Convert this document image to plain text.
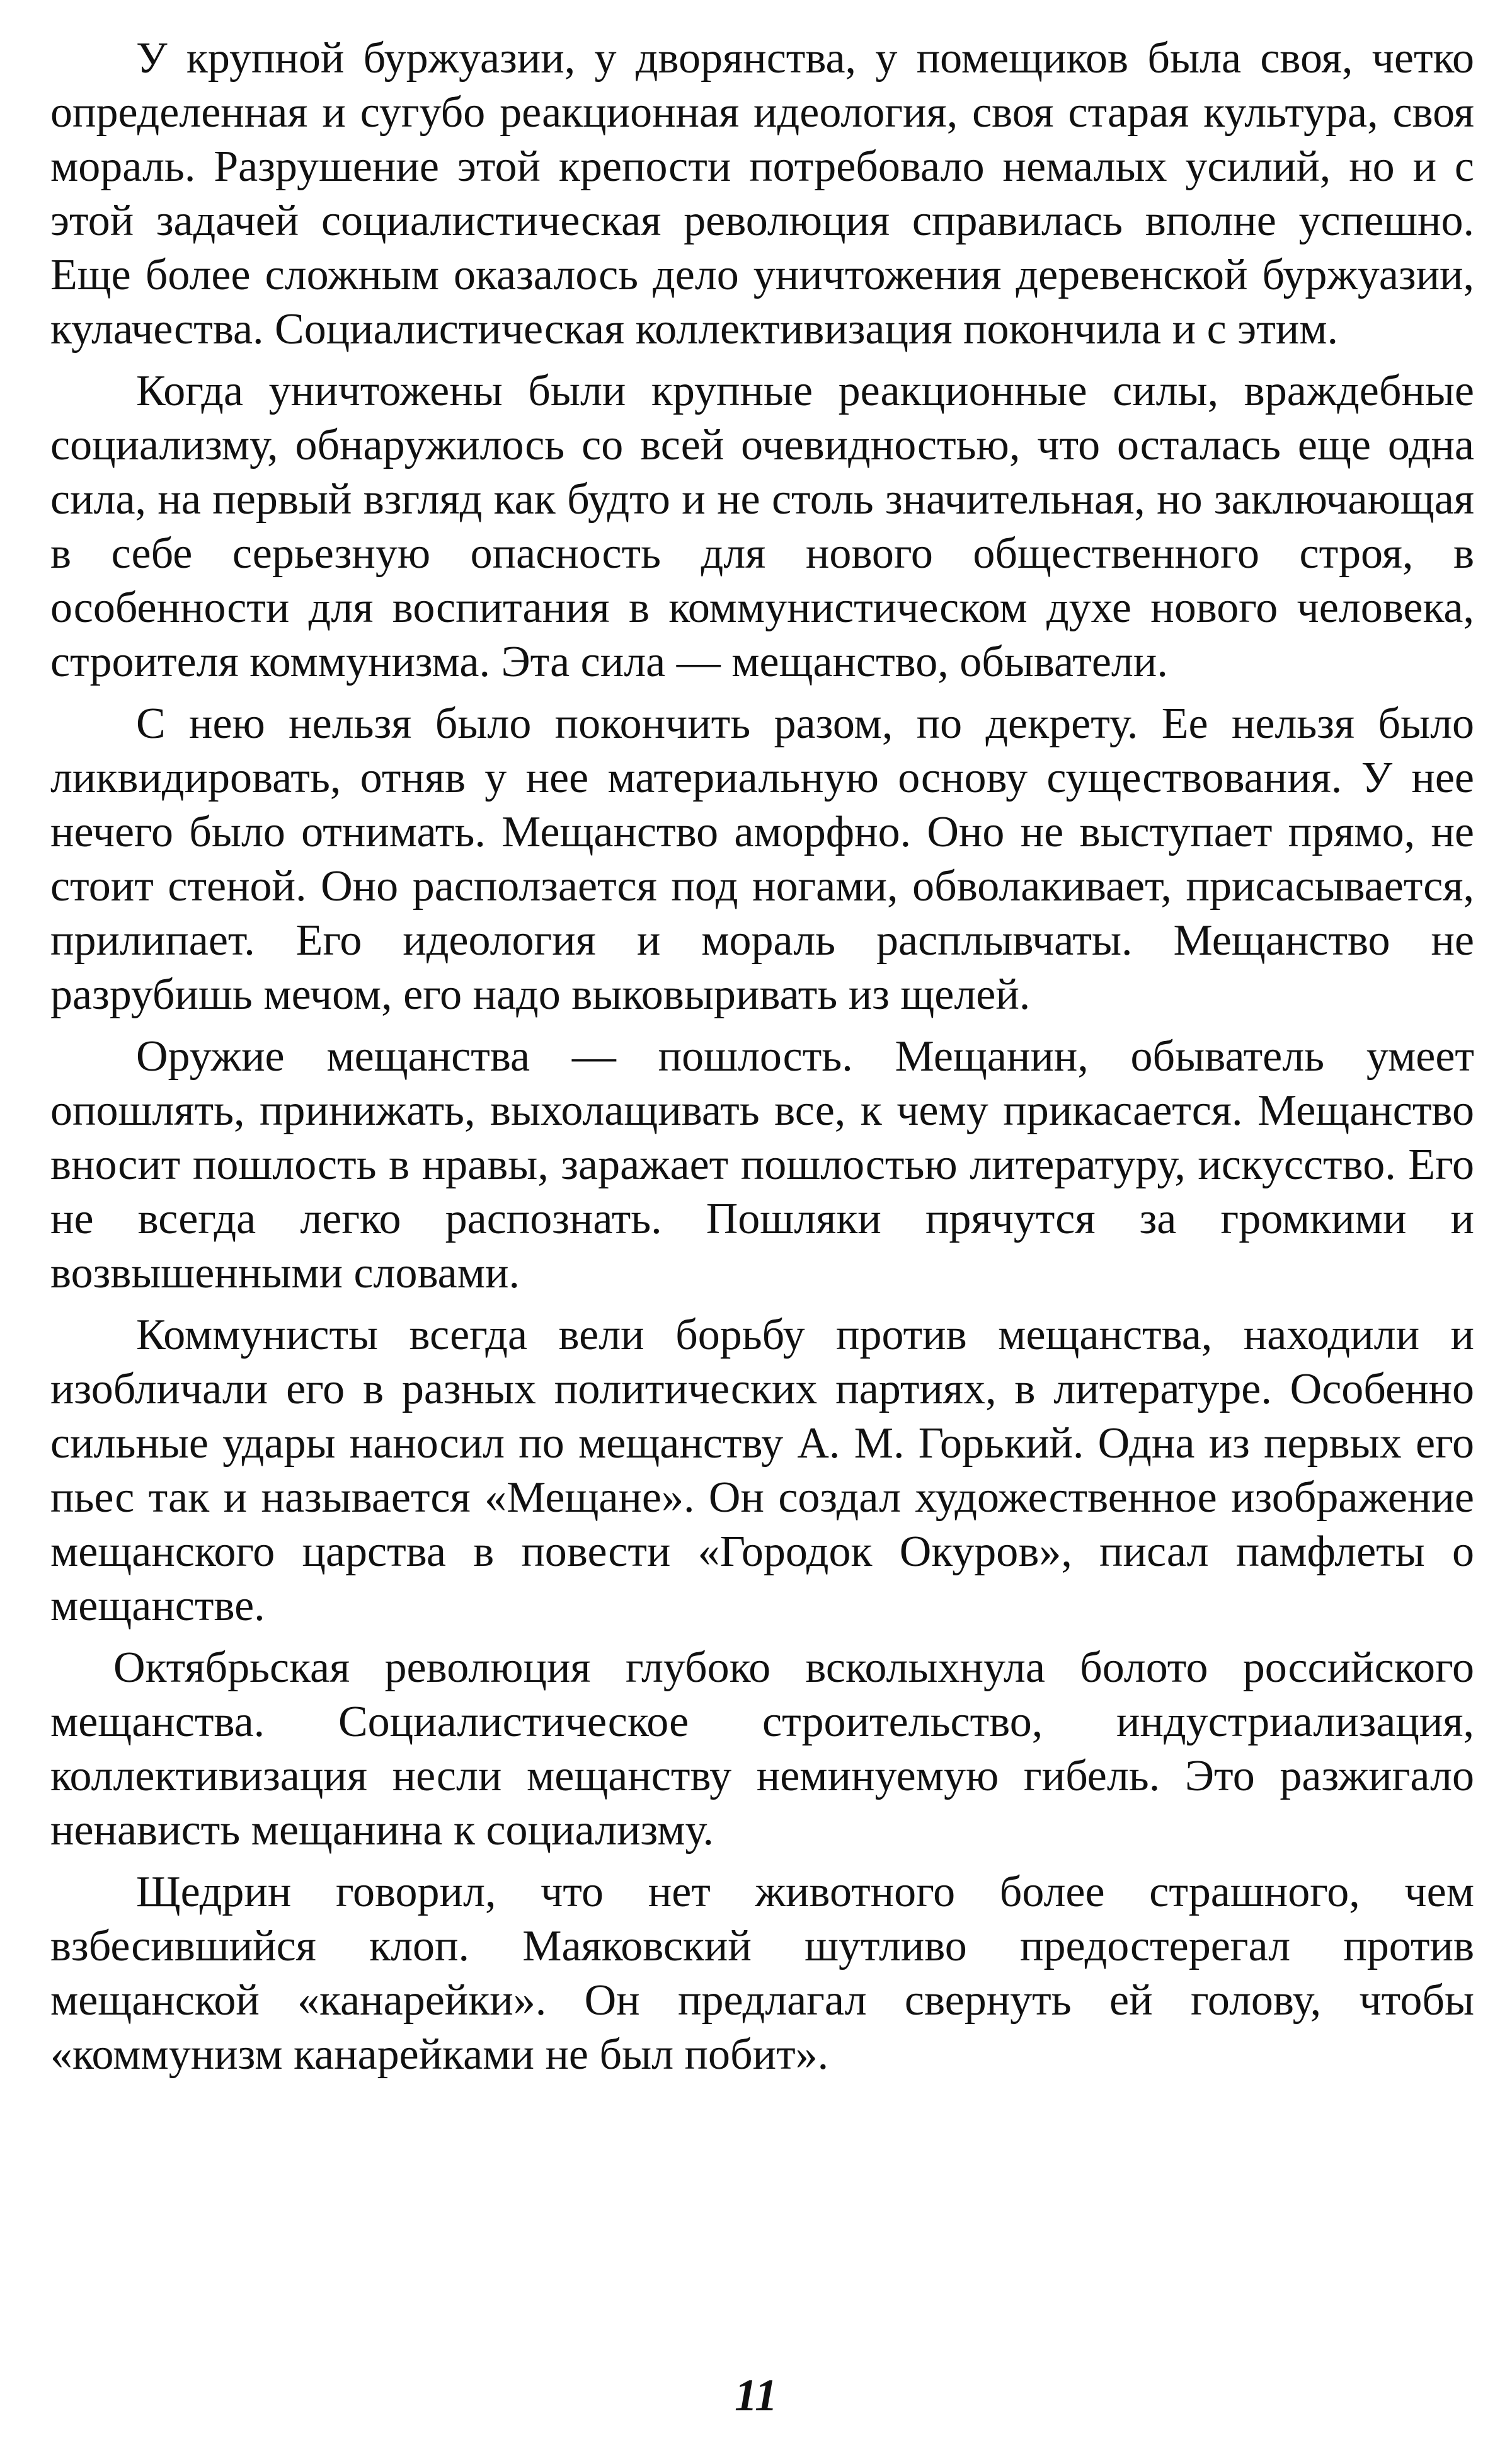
У крупной буржуазии, у дворянства, у помещиков была своя, четко определенная и сугубо реакционная идеология, своя старая культура, своя мораль. Разрушение этой крепости потребовало немалых усилий, но и с этой задачей социалистическая революция справилась вполне успешно. Еще более сложным оказалось дело уничтожения деревенской буржуазии, кулачества. Социалистическая коллективизация покончила и с этим.

Когда уничтожены были крупные реакционные силы, враждебные социализму, обнаружилось со всей очевидностью, что осталась еще одна сила, на первый взгляд как будто и не столь значительная, но заключающая в себе серьезную опасность для нового общественного строя, в особенности для воспитания в коммунистическом духе нового человека, строителя коммунизма. Эта сила — мещанство, обыватели.

С нею нельзя было покончить разом, по декрету. Ее нельзя было ликвидировать, отняв у нее материальную основу существования. У нее нечего было отнимать. Мещанство аморфно. Оно не выступает прямо, не стоит стеной. Оно расползается под ногами, обволакивает, присасывается, прилипает. Его идеология и мораль расплывчаты. Мещанство не разрубишь мечом, его надо выковыривать из щелей.

Оружие мещанства — пошлость. Мещанин, обыватель умеет опошлять, принижать, выхолащивать все, к чему прикасается. Мещанство вносит пошлость в нравы, заражает пошлостью литературу, искусство. Его не всегда легко распознать. Пошляки прячутся за громкими и возвышенными словами.

Коммунисты всегда вели борьбу против мещанства, находили и изобличали его в разных политических партиях, в литературе. Особенно сильные удары наносил по мещанству А. М. Горький. Одна из первых его пьес так и называется «Мещане». Он создал художественное изображение мещанского царства в повести «Городок Окуров», писал памфлеты о мещанстве.

Октябрьская революция глубоко всколыхнула болото российского мещанства. Социалистическое строительство, индустриализация, коллективизация несли мещанству неминуемую гибель. Это разжигало ненависть мещанина к социализму.

Щедрин говорил, что нет животного более страшного, чем взбесившийся клоп. Маяковский шутливо предостерегал против мещанской «канарейки». Он предлагал свернуть ей голову, чтобы «коммунизм канарейками не был побит».

11
